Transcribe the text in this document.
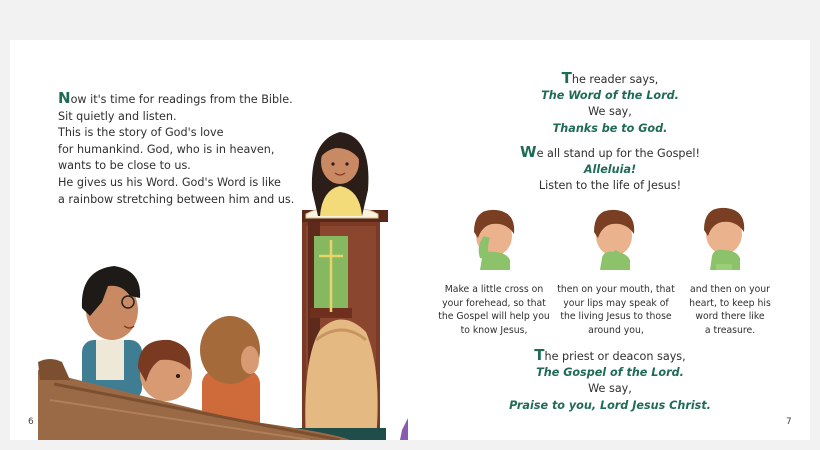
Now it's time for readings from the Bible.
Sit quietly and listen.
This is the story of God's love
for humankind. God, who is in heaven,
wants to be close to us.
He gives us his Word. God's Word is like
a rainbow stretching between him and us.
6
The reader says,
The Word of the Lord.
We say,
Thanks be to God.
We all stand up for the Gospel!
Alleluia!
Listen to the life of Jesus!
Make a little cross on
your forehead, so that
the Gospel will help you
to know Jesus,
then on your mouth, that
your lips may speak of
the living Jesus to those
around you,
and then on your
heart, to keep his
word there like
a treasure.
The priest or deacon says,
The Gospel of the Lord.
We say,
Praise to you, Lord Jesus Christ.
7
